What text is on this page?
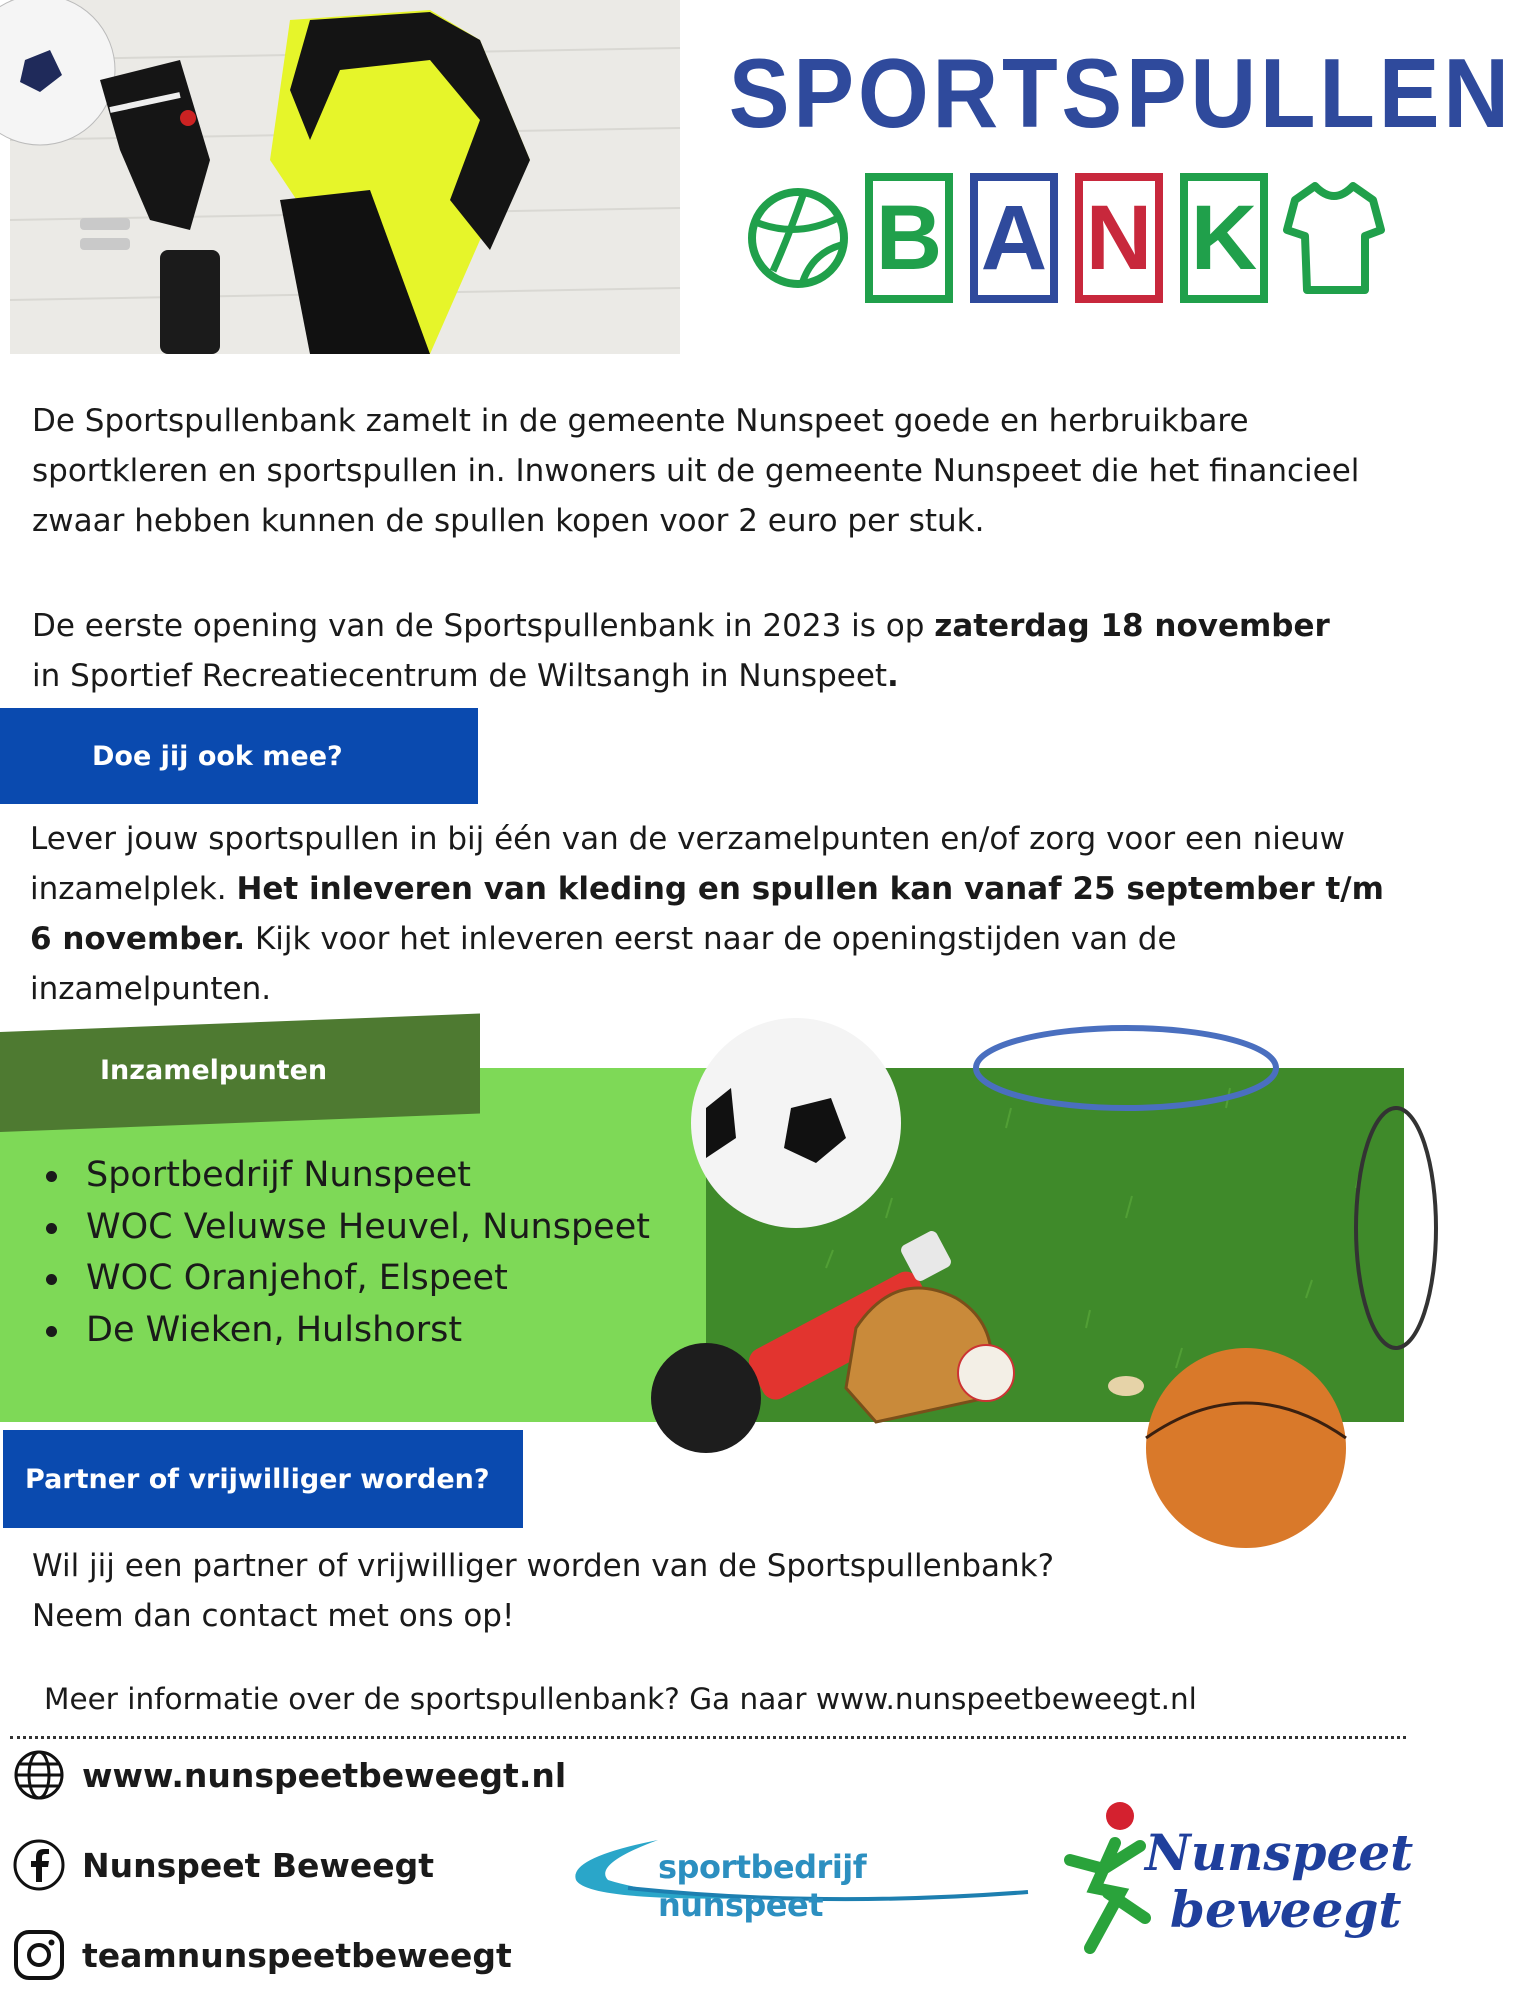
SPORTSPULLEN
B A N K
De Sportspullenbank zamelt in de gemeente Nunspeet goede en herbruikbare sportkleren en sportspullen in. Inwoners uit de gemeente Nunspeet die het financieel zwaar hebben kunnen de spullen kopen voor 2 euro per stuk.
De eerste opening van de Sportspullenbank in 2023 is op zaterdag 18 november in Sportief Recreatiecentrum de Wiltsangh in Nunspeet.
Doe jij ook mee?
Lever jouw sportspullen in bij één van de verzamelpunten en/of zorg voor een nieuw inzamelplek. Het inleveren van kleding en spullen kan vanaf 25 september t/m 6 november. Kijk voor het inleveren eerst naar de openingstijden van de inzamelpunten.
Inzamelpunten
Sportbedrijf Nunspeet
WOC Veluwse Heuvel, Nunspeet
WOC Oranjehof, Elspeet
De Wieken, Hulshorst
Partner of vrijwilliger worden?
Wil jij een partner of vrijwilliger worden van de Sportspullenbank?
Neem dan contact met ons op!
Meer informatie over de sportspullenbank? Ga naar www.nunspeetbeweegt.nl
www.nunspeetbeweegt.nl
Nunspeet Beweegt
teamnunspeetbeweegt
sportbedrijf nunspeet
Nunspeet
beweegt
